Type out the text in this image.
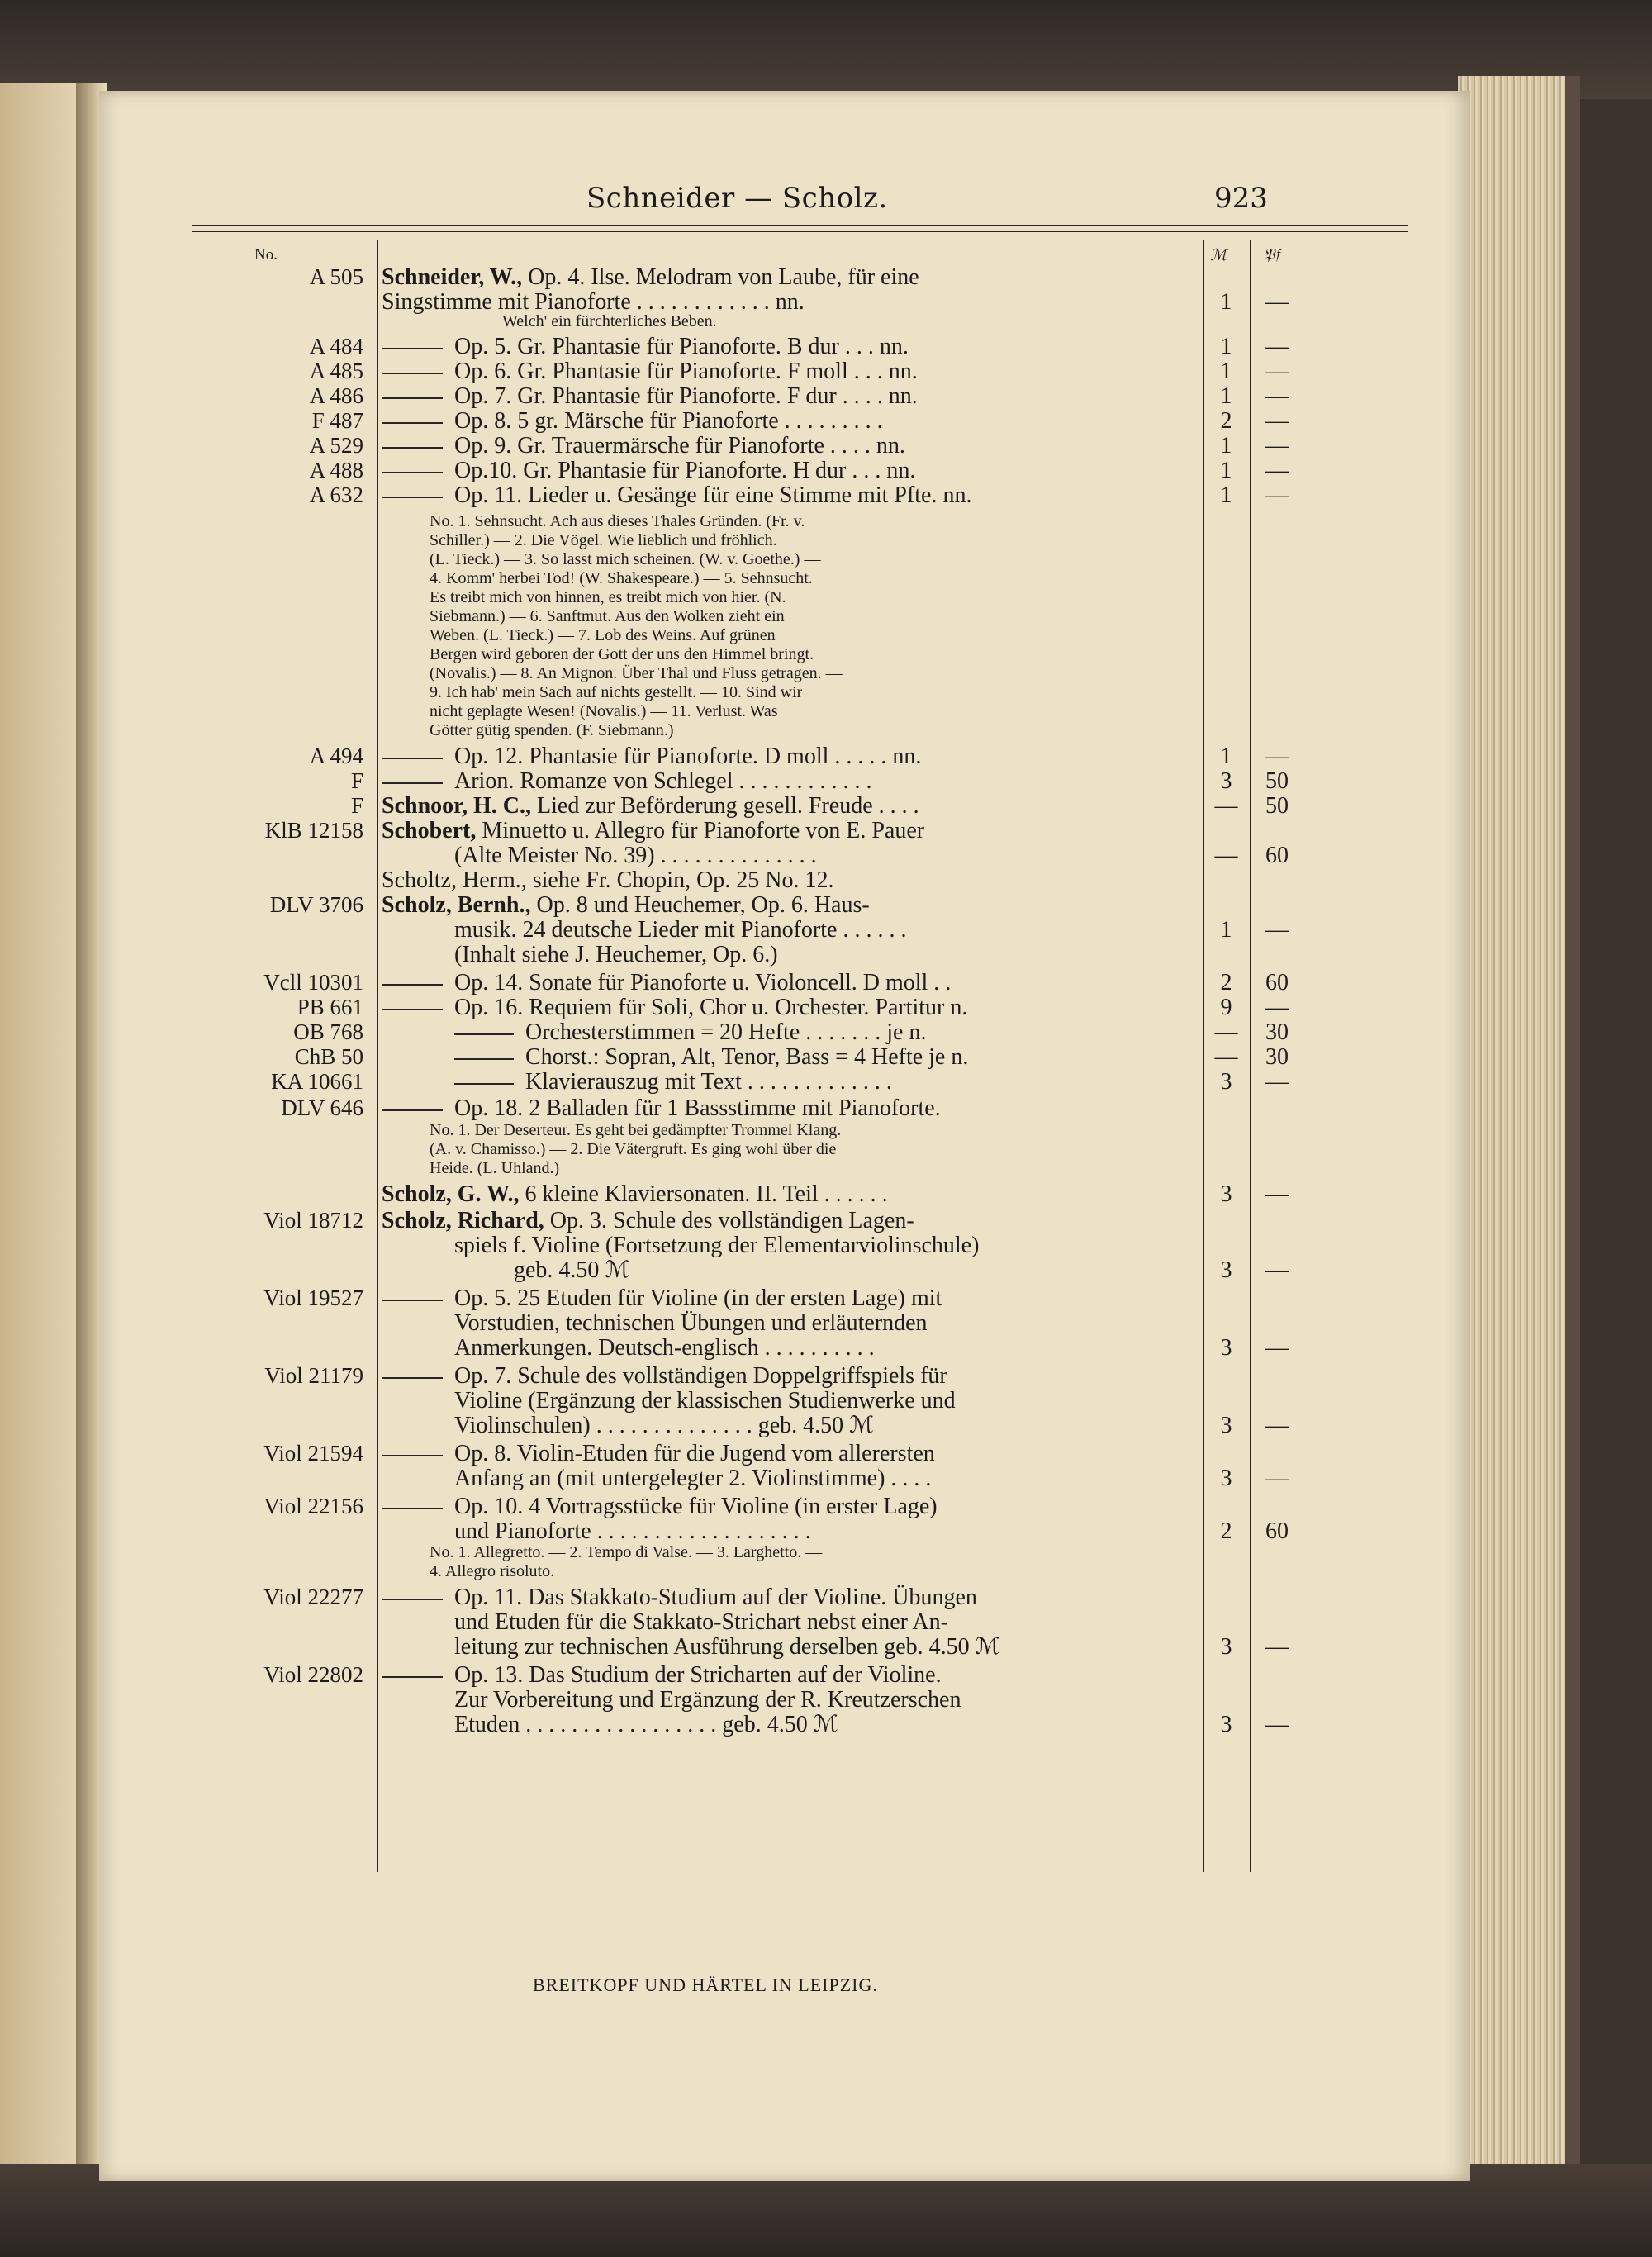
Schneider — Scholz.	923
No.	ℳ 𝔓𝔣
A 505 Schneider, W., Op. 4. Ilse. Melodram von Laube, für eine
Singstimme mit Pianoforte . . . . . . . . . . . . nn.	1	—
Welch' ein fürchterliches Beben.
A 484	Op. 5. Gr. Phantasie für Pianoforte. B dur . . . nn.	1	—
A 485	Op. 6. Gr. Phantasie für Pianoforte. F moll . . . nn.	1	—
A 486	Op. 7. Gr. Phantasie für Pianoforte. F dur . . . . nn.	1	—
F 487	Op. 8. 5 gr. Märsche für Pianoforte . . . . . . . . .	2	—
A 529	Op. 9. Gr. Trauermärsche für Pianoforte . . . . nn.	1	—
A 488	Op.10. Gr. Phantasie für Pianoforte. H dur . . . nn.	1	—
A 632	Op. 11. Lieder u. Gesänge für eine Stimme mit Pfte. nn.	1	—
No. 1. Sehnsucht. Ach aus dieses Thales Gründen. (Fr. v.
Schiller.) — 2. Die Vögel. Wie lieblich und fröhlich.
(L. Tieck.) — 3. So lasst mich scheinen. (W. v. Goethe.) —
4. Komm' herbei Tod! (W. Shakespeare.) — 5. Sehnsucht.
Es treibt mich von hinnen, es treibt mich von hier. (N.
Siebmann.) — 6. Sanftmut. Aus den Wolken zieht ein
Weben. (L. Tieck.) — 7. Lob des Weins. Auf grünen
Bergen wird geboren der Gott der uns den Himmel bringt.
(Novalis.) — 8. An Mignon. Über Thal und Fluss getragen. —
9. Ich hab' mein Sach auf nichts gestellt. — 10. Sind wir
nicht geplagte Wesen! (Novalis.) — 11. Verlust. Was
Götter gütig spenden. (F. Siebmann.)
A 494	Op. 12. Phantasie für Pianoforte. D moll . . . . . nn.	1	—
F	Arion. Romanze von Schlegel . . . . . . . . . . . .	3	50
F Schnoor, H. C., Lied zur Beförderung gesell. Freude . . . .	—	50
KlB 12158 Schobert, Minuetto u. Allegro für Pianoforte von E. Pauer
(Alte Meister No. 39) . . . . . . . . . . . . . .	—	60
Scholtz, Herm., siehe Fr. Chopin, Op. 25 No. 12.
DLV 3706 Scholz, Bernh., Op. 8 und Heuchemer, Op. 6. Haus-
musik. 24 deutsche Lieder mit Pianoforte . . . . . .	1	—
(Inhalt siehe J. Heuchemer, Op. 6.)
Vcll 10301	Op. 14. Sonate für Pianoforte u. Violoncell. D moll . .	2	60
PB 661	Op. 16. Requiem für Soli, Chor u. Orchester. Partitur n.	9	—
OB 768	Orchesterstimmen = 20 Hefte . . . . . . . je n.	—	30
ChB 50	Chorst.: Sopran, Alt, Tenor, Bass = 4 Hefte je n.	—	30
KA 10661	Klavierauszug mit Text . . . . . . . . . . . . .	3	—
DLV 646	Op. 18. 2 Balladen für 1 Bassstimme mit Pianoforte.
No. 1. Der Deserteur. Es geht bei gedämpfter Trommel Klang.
(A. v. Chamisso.) — 2. Die Vätergruft. Es ging wohl über die
Heide. (L. Uhland.)
Scholz, G. W., 6 kleine Klaviersonaten. II. Teil . . . . . .	3	—
Viol 18712 Scholz, Richard, Op. 3. Schule des vollständigen Lagen-
spiels f. Violine (Fortsetzung der Elementarviolinschule)
geb. 4.50 ℳ	3	—
Viol 19527	Op. 5. 25 Etuden für Violine (in der ersten Lage) mit
Vorstudien, technischen Übungen und erläuternden
Anmerkungen. Deutsch-englisch . . . . . . . . . .	3	—
Viol 21179	Op. 7. Schule des vollständigen Doppelgriffspiels für
Violine (Ergänzung der klassischen Studienwerke und
Violinschulen) . . . . . . . . . . . . . . geb. 4.50 ℳ	3	—
Viol 21594	Op. 8. Violin-Etuden für die Jugend vom allerersten
Anfang an (mit untergelegter 2. Violinstimme) . . . .	3	—
Viol 22156	Op. 10. 4 Vortragsstücke für Violine (in erster Lage)
und Pianoforte . . . . . . . . . . . . . . . . . . .	2	60
No. 1. Allegretto. — 2. Tempo di Valse. — 3. Larghetto. —
4. Allegro risoluto.
Viol 22277	Op. 11. Das Stakkato-Studium auf der Violine. Übungen
und Etuden für die Stakkato-Strichart nebst einer An-
leitung zur technischen Ausführung derselben geb. 4.50 ℳ	3	—
Viol 22802	Op. 13. Das Studium der Stricharten auf der Violine.
Zur Vorbereitung und Ergänzung der R. Kreutzerschen
Etuden . . . . . . . . . . . . . . . . . geb. 4.50 ℳ	3	—
BREITKOPF UND HÄRTEL IN LEIPZIG.
